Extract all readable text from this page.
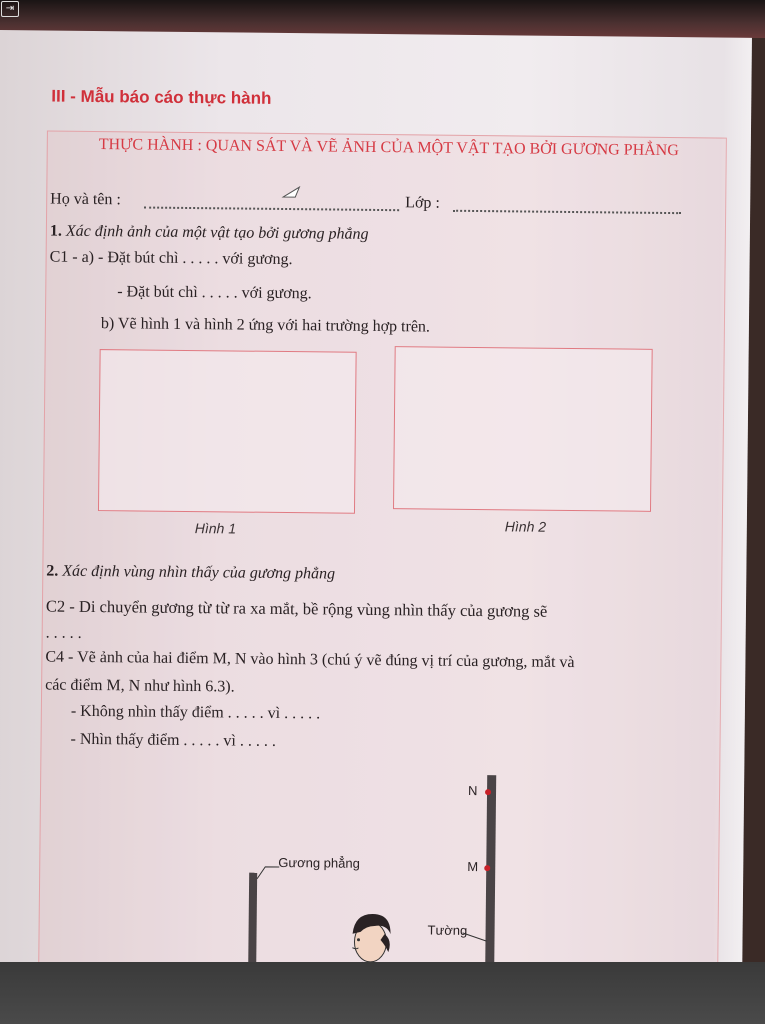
⇥
III - Mẫu báo cáo thực hành
THỰC HÀNH : QUAN SÁT VÀ VẼ ẢNH CỦA MỘT VẬT TẠO BỞI GƯƠNG PHẲNG
Họ và tên :	Lớp :
1. Xác định ảnh của một vật tạo bởi gương phẳng
C1 - a) - Đặt bút chì . . . . . với gương.
- Đặt bút chì . . . . . với gương.
b) Vẽ hình 1 và hình 2 ứng với hai trường hợp trên.
Hình 1	Hình 2
2. Xác định vùng nhìn thấy của gương phẳng
C2 - Di chuyển gương từ từ ra xa mắt, bề rộng vùng nhìn thấy của gương sẽ
. . . . .
C4 - Vẽ ảnh của hai điểm M, N vào hình 3 (chú ý vẽ đúng vị trí của gương, mắt và
các điểm M, N như hình 6.3).
- Không nhìn thấy điểm . . . . . vì . . . . .
- Nhìn thấy điểm . . . . . vì . . . . .
N
M
Gương phẳng
Tường
